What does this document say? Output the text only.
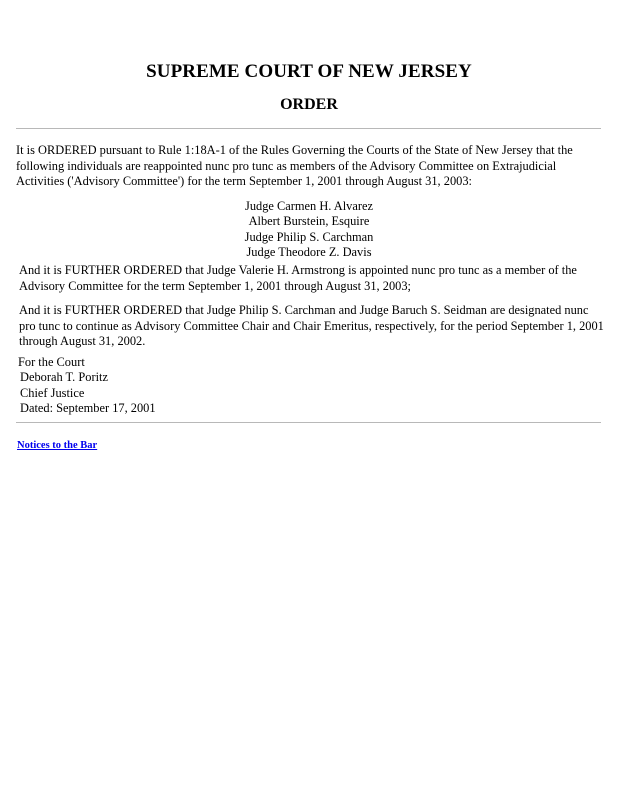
SUPREME COURT OF NEW JERSEY
ORDER

It is ORDERED pursuant to Rule 1:18A-1 of the Rules Governing the Courts of the State of New Jersey that the following individuals are reappointed nunc pro tunc as members of the Advisory Committee on Extrajudicial Activities ('Advisory Committee') for the term September 1, 2001 through August 31, 2003:

Judge Carmen H. Alvarez
Albert Burstein, Esquire
Judge Philip S. Carchman
Judge Theodore Z. Davis

And it is FURTHER ORDERED that Judge Valerie H. Armstrong is appointed nunc pro tunc as a member of the Advisory Committee for the term September 1, 2001 through August 31, 2003;

And it is FURTHER ORDERED that Judge Philip S. Carchman and Judge Baruch S. Seidman are designated nunc pro tunc to continue as Advisory Committee Chair and Chair Emeritus, respectively, for the period September 1, 2001 through August 31, 2002.

For the Court
Deborah T. Poritz
Chief Justice
Dated: September 17, 2001
Notices to the Bar
